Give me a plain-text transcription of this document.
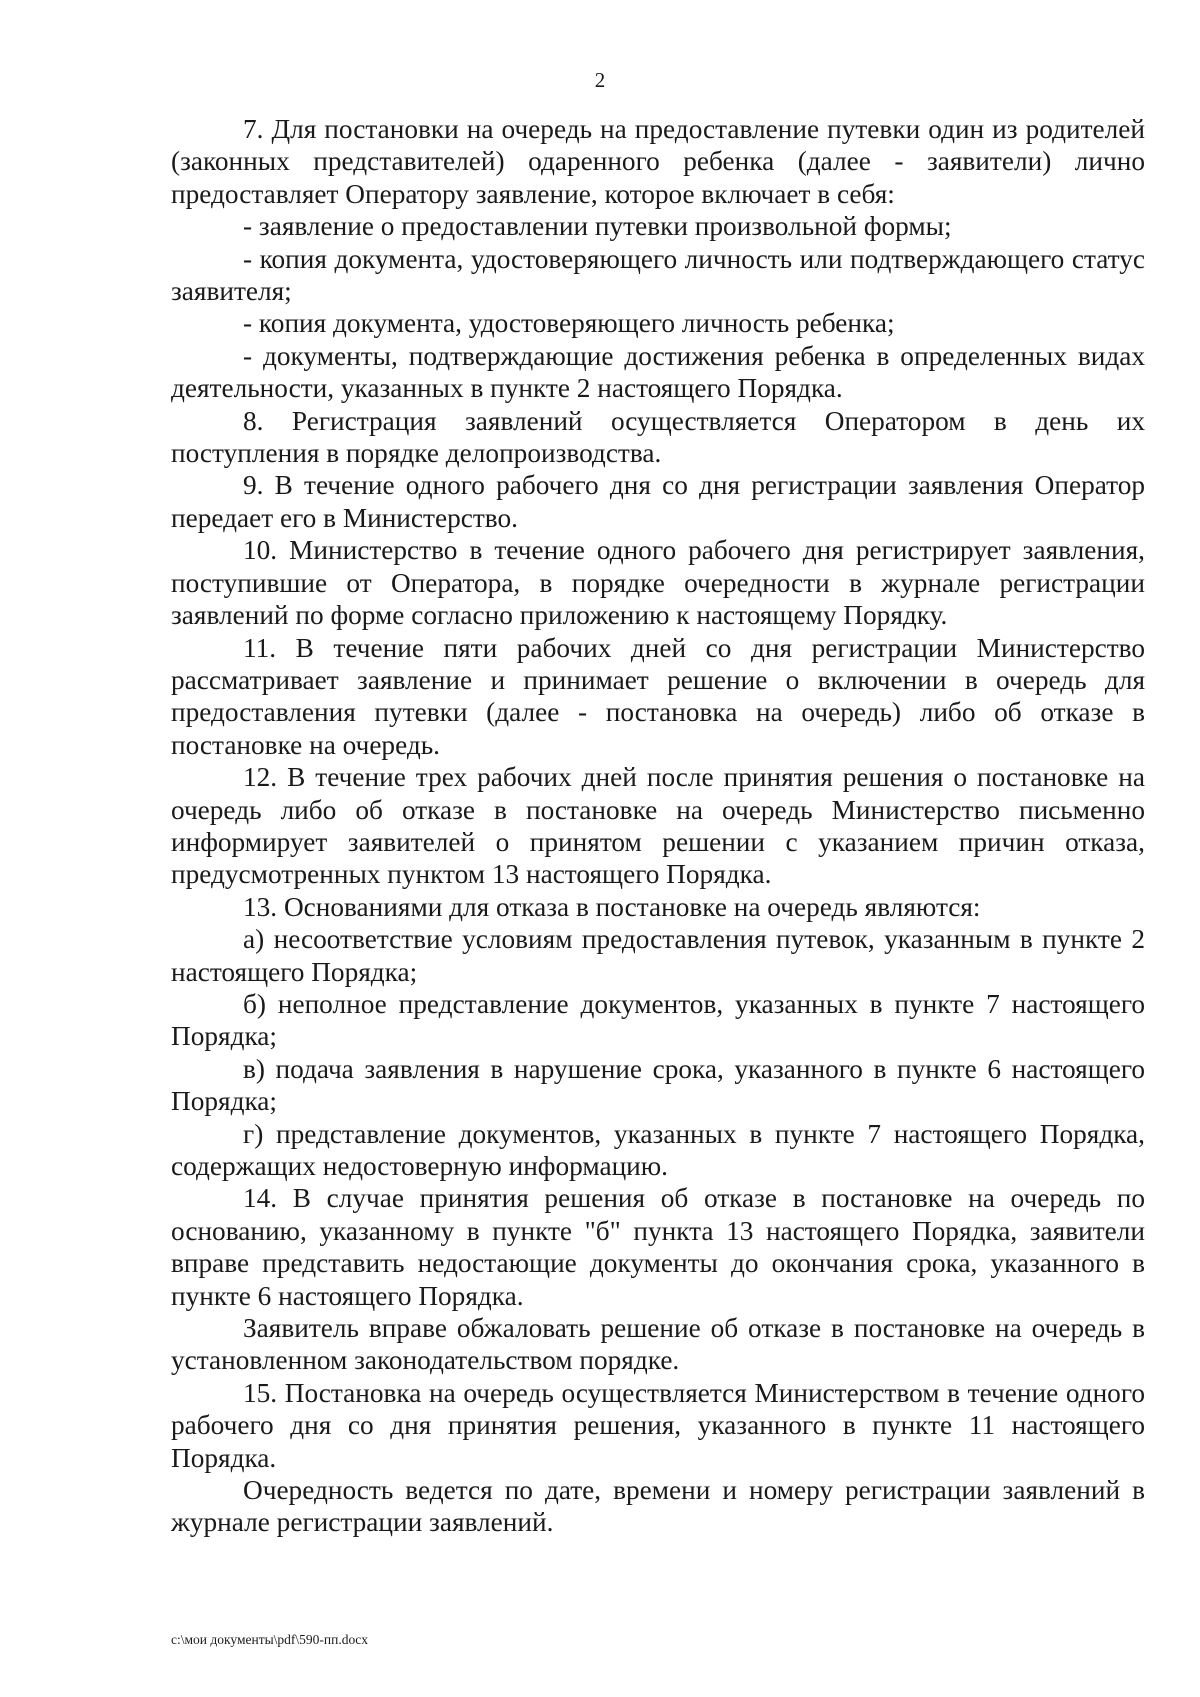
2

7. Для постановки на очередь на предоставление путевки один из родителей (законных представителей) одаренного ребенка (далее - заявители) лично предоставляет Оператору заявление, которое включает в себя:

- заявление о предоставлении путевки произвольной формы;

- копия документа, удостоверяющего личность или подтверждающего статус заявителя;

- копия документа, удостоверяющего личность ребенка;

- документы, подтверждающие достижения ребенка в определенных видах деятельности, указанных в пункте 2 настоящего Порядка.

8. Регистрация заявлений осуществляется Оператором в день их поступления в порядке делопроизводства.

9. В течение одного рабочего дня со дня регистрации заявления Оператор передает его в Министерство.

10. Министерство в течение одного рабочего дня регистрирует заявления, поступившие от Оператора, в порядке очередности в журнале регистрации заявлений по форме согласно приложению к настоящему Порядку.

11. В течение пяти рабочих дней со дня регистрации Министерство рассматривает заявление и принимает решение о включении в очередь для предоставления путевки (далее - постановка на очередь) либо об отказе в постановке на очередь.

12. В течение трех рабочих дней после принятия решения о постановке на очередь либо об отказе в постановке на очередь Министерство письменно информирует заявителей о принятом решении с указанием причин отказа, предусмотренных пунктом 13 настоящего Порядка.

13. Основаниями для отказа в постановке на очередь являются:

а) несоответствие условиям предоставления путевок, указанным в пункте 2 настоящего Порядка;

б) неполное представление документов, указанных в пункте 7 настоящего Порядка;

в) подача заявления в нарушение срока, указанного в пункте 6 настоящего Порядка;

г) представление документов, указанных в пункте 7 настоящего Порядка, содержащих недостоверную информацию.

14. В случае принятия решения об отказе в постановке на очередь по основанию, указанному в пункте "б" пункта 13 настоящего Порядка, заявители вправе представить недостающие документы до окончания срока, указанного в пункте 6 настоящего Порядка.

Заявитель вправе обжаловать решение об отказе в постановке на очередь в установленном законодательством порядке.

15. Постановка на очередь осуществляется Министерством в течение одного рабочего дня со дня принятия решения, указанного в пункте 11 настоящего Порядка.

Очередность ведется по дате, времени и номеру регистрации заявлений в журнале регистрации заявлений.

c:\мои документы\pdf\590-пп.docx
